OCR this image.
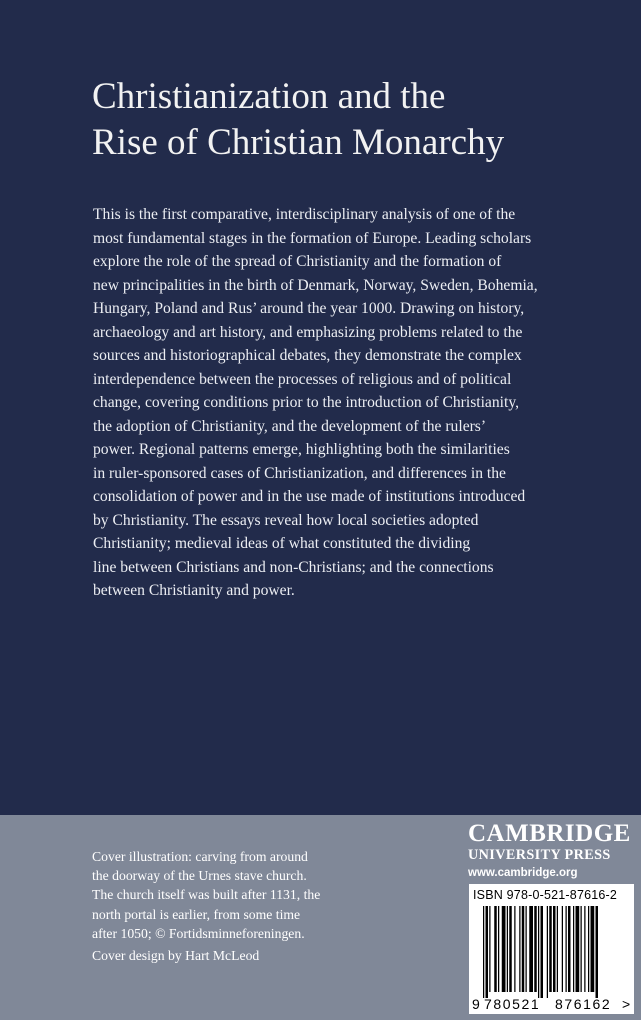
Christianization and the
Rise of Christian Monarchy

This is the first comparative, interdisciplinary analysis of one of the
most fundamental stages in the formation of Europe. Leading scholars
explore the role of the spread of Christianity and the formation of
new principalities in the birth of Denmark, Norway, Sweden, Bohemia,
Hungary, Poland and Rus’ around the year 1000. Drawing on history,
archaeology and art history, and emphasizing problems related to the
sources and historiographical debates, they demonstrate the complex
interdependence between the processes of religious and of political
change, covering conditions prior to the introduction of Christianity,
the adoption of Christianity, and the development of the rulers’
power. Regional patterns emerge, highlighting both the similarities
in ruler-sponsored cases of Christianization, and differences in the
consolidation of power and in the use made of institutions introduced
by Christianity. The essays reveal how local societies adopted
Christianity; medieval ideas of what constituted the dividing
line between Christians and non-Christians; and the connections
between Christianity and power.

Cover illustration: carving from around
the doorway of the Urnes stave church.
The church itself was built after 1131, the
north portal is earlier, from some time
after 1050; © Fortidsminneforeningen.

Cover design by Hart McLeod
CAMBRIDGE
UNIVERSITY PRESS
www.cambridge.org
ISBN 978-0-521-87616-2
9 780521 876162 >
